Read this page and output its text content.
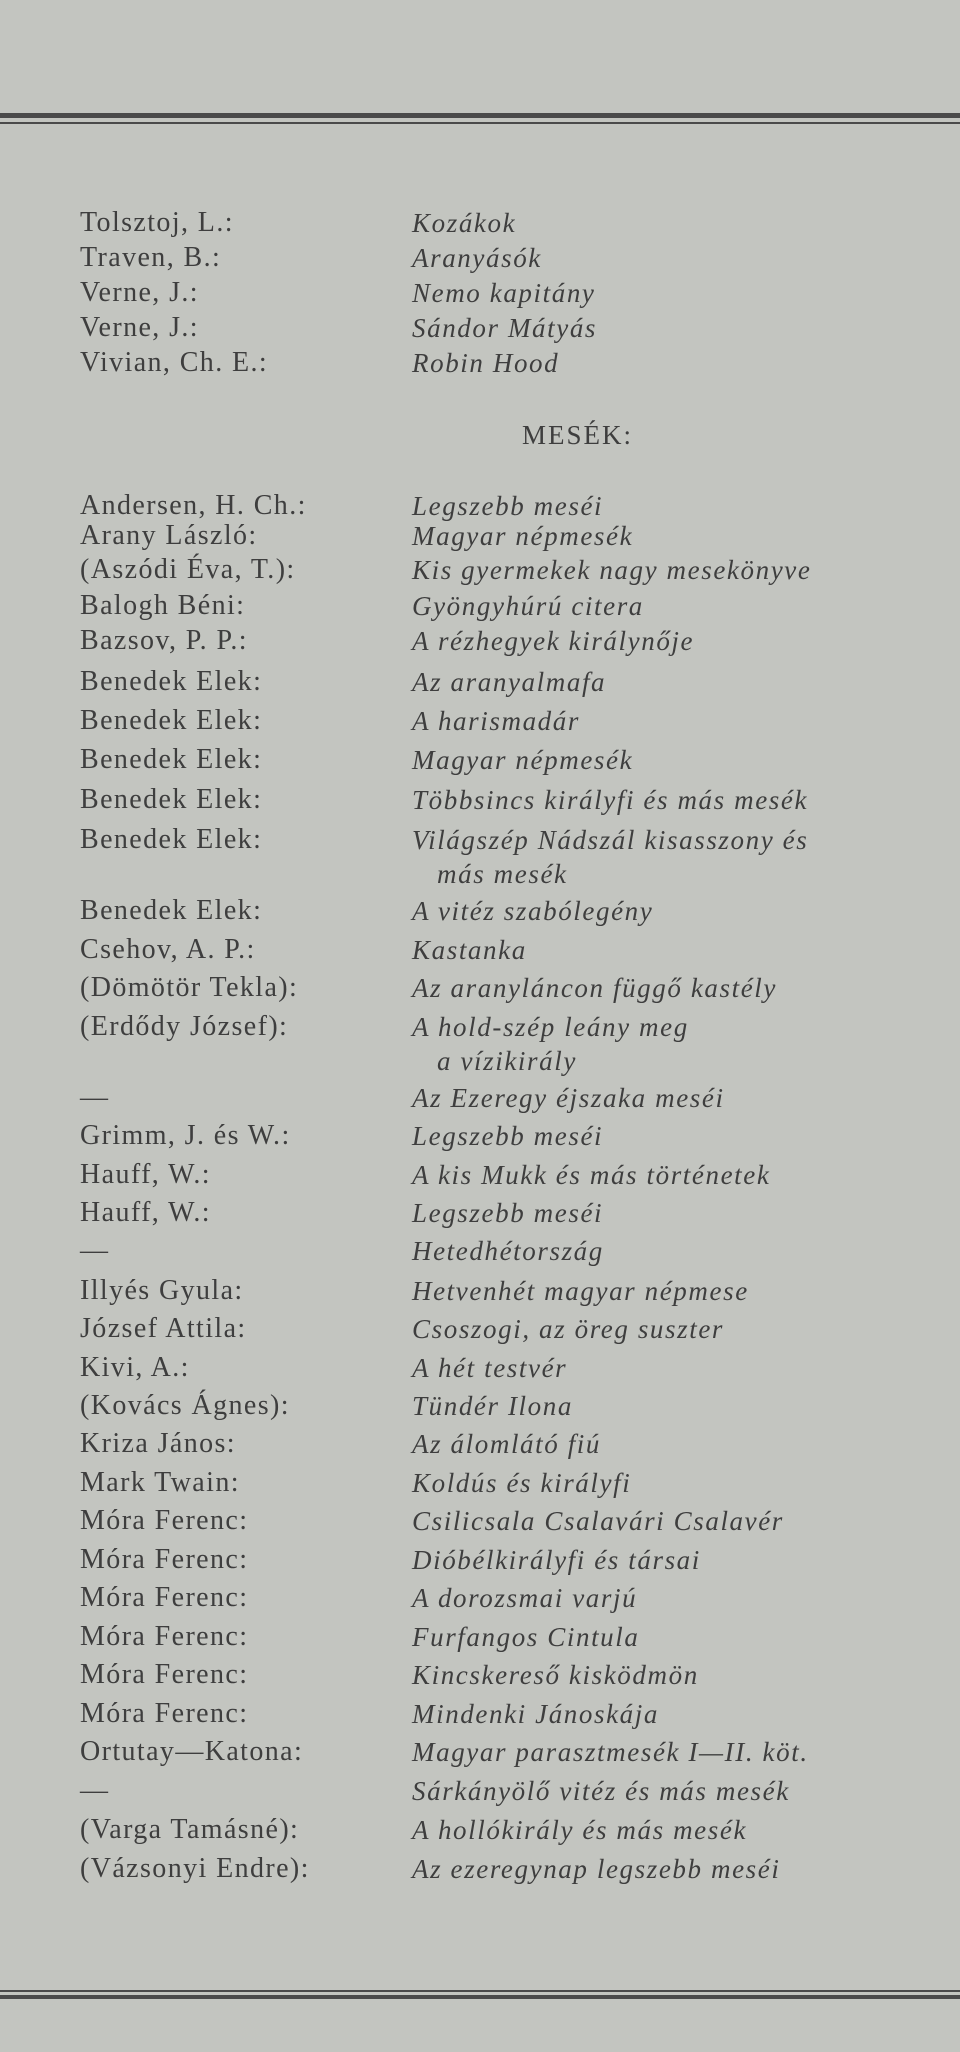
Tolsztoj, L.:	Kozákok
Traven, B.:	Aranyásók
Verne, J.:	Nemo kapitány
Verne, J.:	Sándor Mátyás
Vivian, Ch. E.:	Robin Hood
MESÉK:
Andersen, H. Ch.:	Legszebb meséi
Arany László:	Magyar népmesék
(Aszódi Éva, T.):	Kis gyermekek nagy mesekönyve
Balogh Béni:	Gyöngyhúrú citera
Bazsov, P. P.:	A rézhegyek királynője
Benedek Elek:	Az aranyalmafa
Benedek Elek:	A harismadár
Benedek Elek:	Magyar népmesék
Benedek Elek:	Többsincs királyfi és más mesék
Benedek Elek:	Világszép Nádszál kisasszony és
más mesék
Benedek Elek:	A vitéz szabólegény
Csehov, A. P.:	Kastanka
(Dömötör Tekla):	Az aranyláncon függő kastély
(Erdődy József):	A hold-szép leány meg
a vízikirály
—	Az Ezeregy éjszaka meséi
Grimm, J. és W.:	Legszebb meséi
Hauff, W.:	A kis Mukk és más történetek
Hauff, W.:	Legszebb meséi
—	Hetedhétország
Illyés Gyula:	Hetvenhét magyar népmese
József Attila:	Csoszogi, az öreg suszter
Kivi, A.:	A hét testvér
(Kovács Ágnes):	Tündér Ilona
Kriza János:	Az álomlátó fiú
Mark Twain:	Koldús és királyfi
Móra Ferenc:	Csilicsala Csalavári Csalavér
Móra Ferenc:	Dióbélkirályfi és társai
Móra Ferenc:	A dorozsmai varjú
Móra Ferenc:	Furfangos Cintula
Móra Ferenc:	Kincskereső kisködmön
Móra Ferenc:	Mindenki Jánoskája
Ortutay—Katona:	Magyar parasztmesék I—II. köt.
—	Sárkányölő vitéz és más mesék
(Varga Tamásné):	A hollókirály és más mesék
(Vázsonyi Endre):	Az ezeregynap legszebb meséi
